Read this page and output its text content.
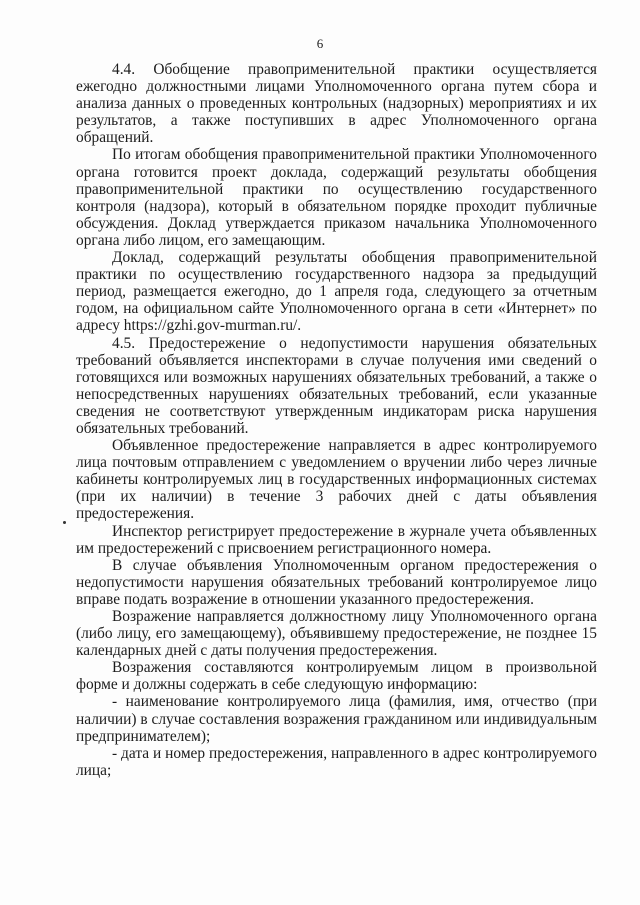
6

4.4. Обобщение правоприменительной практики осуществляется ежегодно должностными лицами Уполномоченного органа путем сбора и анализа данных о проведенных контрольных (надзорных) мероприятиях и их результатов, а также поступивших в адрес Уполномоченного органа обращений.

По итогам обобщения правоприменительной практики Уполномоченного органа готовится проект доклада, содержащий результаты обобщения правоприменительной практики по осуществлению государственного контроля (надзора), который в обязательном порядке проходит публичные обсуждения. Доклад утверждается приказом начальника Уполномоченного органа либо лицом, его замещающим.

Доклад, содержащий результаты обобщения правоприменительной практики по осуществлению государственного надзора за предыдущий период, размещается ежегодно, до 1 апреля года, следующего за отчетным годом, на официальном сайте Уполномоченного органа в сети «Интернет» по адресу https://gzhi.gov-murman.ru/.

4.5. Предостережение о недопустимости нарушения обязательных требований объявляется инспекторами в случае получения ими сведений о готовящихся или возможных нарушениях обязательных требований, а также о непосредственных нарушениях обязательных требований, если указанные сведения не соответствуют утвержденным индикаторам риска нарушения обязательных требований.

Объявленное предостережение направляется в адрес контролируемого лица почтовым отправлением с уведомлением о вручении либо через личные кабинеты контролируемых лиц в государственных информационных системах (при их наличии) в течение 3 рабочих дней с даты объявления предостережения.

Инспектор регистрирует предостережение в журнале учета объявленных им предостережений с присвоением регистрационного номера.

В случае объявления Уполномоченным органом предостережения о недопустимости нарушения обязательных требований контролируемое лицо вправе подать возражение в отношении указанного предостережения.

Возражение направляется должностному лицу Уполномоченного органа (либо лицу, его замещающему), объявившему предостережение, не позднее 15 календарных дней с даты получения предостережения.

Возражения составляются контролируемым лицом в произвольной форме и должны содержать в себе следующую информацию:

- наименование контролируемого лица (фамилия, имя, отчество (при наличии) в случае составления возражения гражданином или индивидуальным предпринимателем);

- дата и номер предостережения, направленного в адрес контролируемого лица;
